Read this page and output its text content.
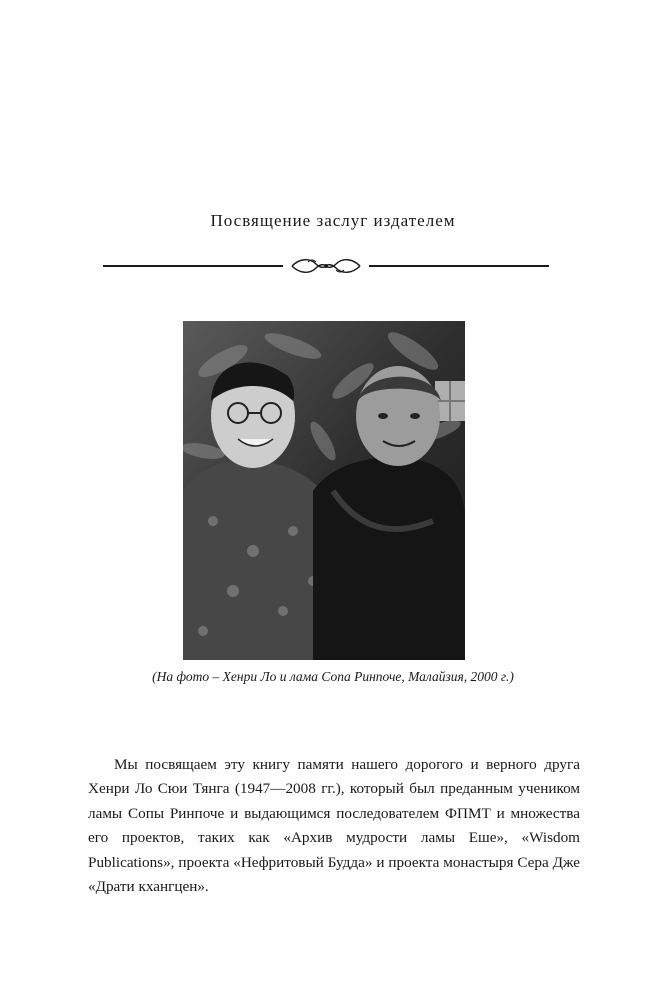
Посвящение заслуг издателем
(На фото – Хенри Ло и лама Сопа Ринпоче, Малайзия, 2000 г.)

Мы посвящаем эту книгу памяти нашего дорогого и верного друга Хенри Ло Сюи Тянга (1947—2008 гг.), который был преданным учеником ламы Сопы Ринпоче и выдающимся последователем ФПМТ и множества его проектов, таких как «Архив мудрости ламы Еше», «Wisdom Publications», проекта «Нефритовый Будда» и проекта монастыря Сера Дже «Драти кхангцен».
